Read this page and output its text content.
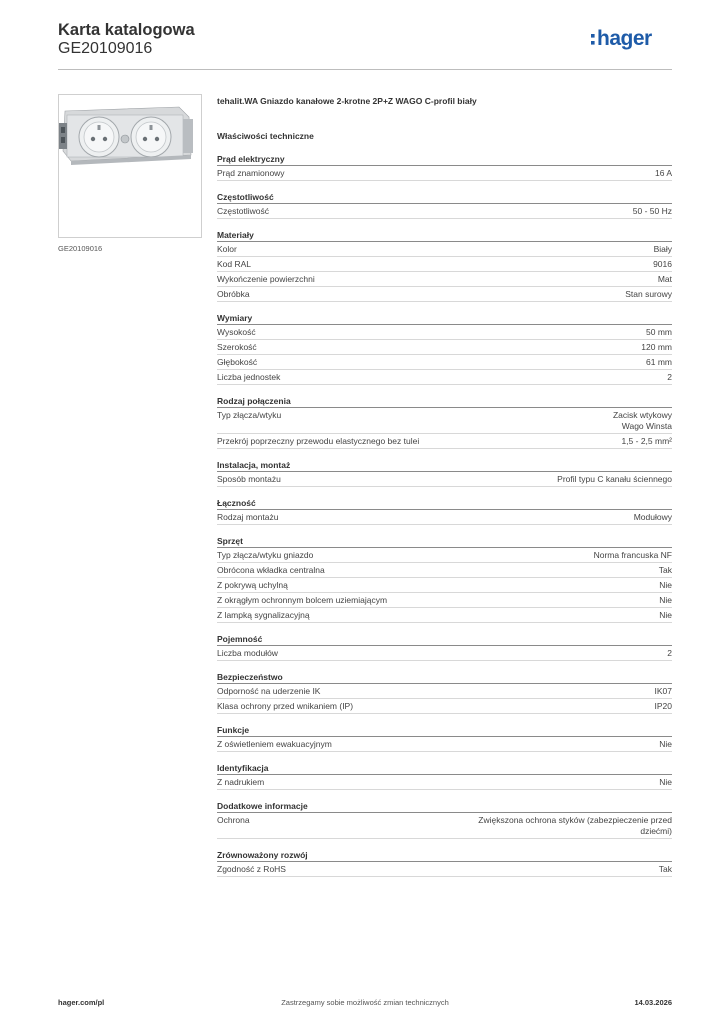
Karta katalogowa
GE20109016	hager
GE20109016
tehalit.WA Gniazdo kanałowe 2-krotne 2P+Z WAGO C-profil biały
Właściwości techniczne
Prąd elektryczny
Prąd znamionowy	16 A
Częstotliwość
Częstotliwość	50 - 50 Hz
Materiały
Kolor	Biały
Kod RAL	9016
Wykończenie powierzchni	Mat
Obróbka	Stan surowy
Wymiary
Wysokość	50 mm
Szerokość	120 mm
Głębokość	61 mm
Liczba jednostek	2
Rodzaj połączenia
Typ złącza/wtyku	Zacisk wtykowy
Wago Winsta
Przekrój poprzeczny przewodu elastycznego bez tulei	1,5 - 2,5 mm²
Instalacja, montaż
Sposób montażu	Profil typu C kanału ściennego
Łączność
Rodzaj montażu	Modułowy
Sprzęt
Typ złącza/wtyku gniazdo	Norma francuska NF
Obrócona wkładka centralna	Tak
Z pokrywą uchylną	Nie
Z okrągłym ochronnym bolcem uziemiającym	Nie
Z lampką sygnalizacyjną	Nie
Pojemność
Liczba modułów	2
Bezpieczeństwo
Odporność na uderzenie IK	IK07
Klasa ochrony przed wnikaniem (IP)	IP20
Funkcje
Z oświetleniem ewakuacyjnym	Nie
Identyfikacja
Z nadrukiem	Nie
Dodatkowe informacje
Ochrona	Zwiększona ochrona styków (zabezpieczenie przed
dziećmi)
Zrównoważony rozwój
Zgodność z RoHS	Tak
hager.com/pl	Zastrzegamy sobie możliwość zmian technicznych	14.03.2026
